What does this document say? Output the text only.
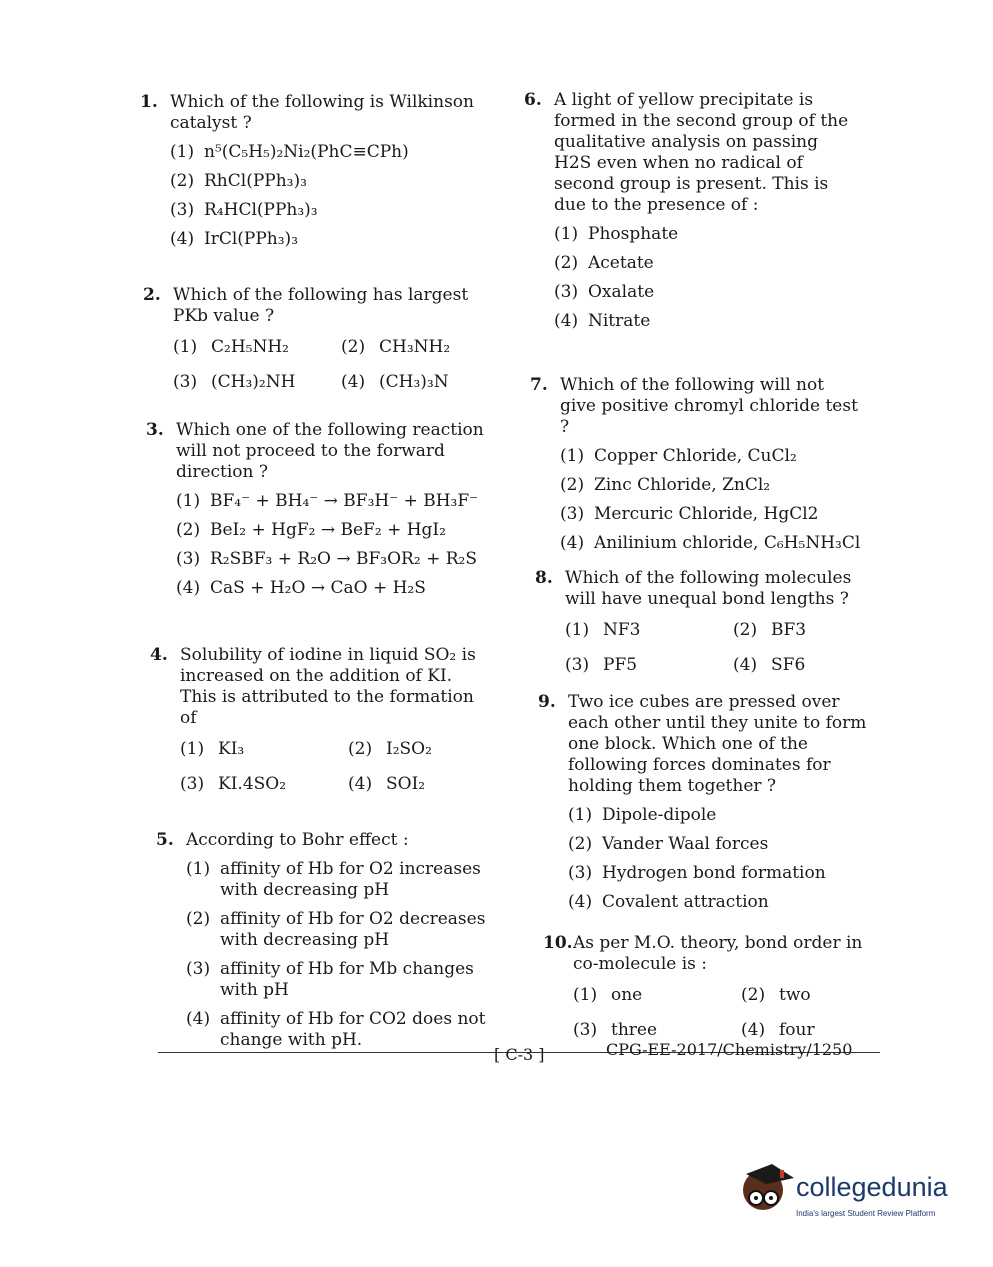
1. Which of the following is Wilkinson catalyst ?
(1) n⁵(C₅H₅)₂Ni₂(PhC≡CPh)
(2) RhCl(PPh₃)₃
(3) R₄HCl(PPh₃)₃
(4) IrCl(PPh₃)₃
2. Which of the following has largest PKb value ?
(1) C₂H₅NH₂	(2) CH₃NH₂
(3) (CH₃)₂NH	(4) (CH₃)₃N
3. Which one of the following reaction will not proceed to the forward direction ?
(1) BF₄⁻ + BH₄⁻ → BF₃H⁻ + BH₃F⁻
(2) BeI₂ + HgF₂ → BeF₂ + HgI₂
(3) R₂SBF₃ + R₂O → BF₃OR₂ + R₂S
(4) CaS + H₂O → CaO + H₂S
4. Solubility of iodine in liquid SO₂ is increased on the addition of KI. This is attributed to the formation of
(1) KI₃	(2) I₂SO₂
(3) KI.4SO₂	(4) SOI₂
5. According to Bohr effect :
(1) affinity of Hb for O2 increases with decreasing pH
(2) affinity of Hb for O2 decreases with decreasing pH
(3) affinity of Hb for Mb changes with pH
(4) affinity of Hb for CO2 does not change with pH.
6. A light of yellow precipitate is formed in the second group of the qualitative analysis on passing H2S even when no radical of second group is present. This is due to the presence of :
(1) Phosphate
(2) Acetate
(3) Oxalate
(4) Nitrate
7. Which of the following will not give positive chromyl chloride test ?
(1) Copper Chloride, CuCl₂
(2) Zinc Chloride, ZnCl₂
(3) Mercuric Chloride, HgCl2
(4) Anilinium chloride, C₆H₅NH₃Cl
8. Which of the following molecules will have unequal bond lengths ?
(1) NF3	(2) BF3
(3) PF5	(4) SF6
9. Two ice cubes are pressed over each other until they unite to form one block. Which one of the following forces dominates for holding them together ?
(1) Dipole-dipole
(2) Vander Waal forces
(3) Hydrogen bond formation
(4) Covalent attraction
10. As per M.O. theory, bond order in co-molecule is :
(1) one	(2) two
(3) three	(4) four
[ C-3 ]	CPG-EE-2017/Chemistry/1250
collegedunia
India's largest Student Review Platform
